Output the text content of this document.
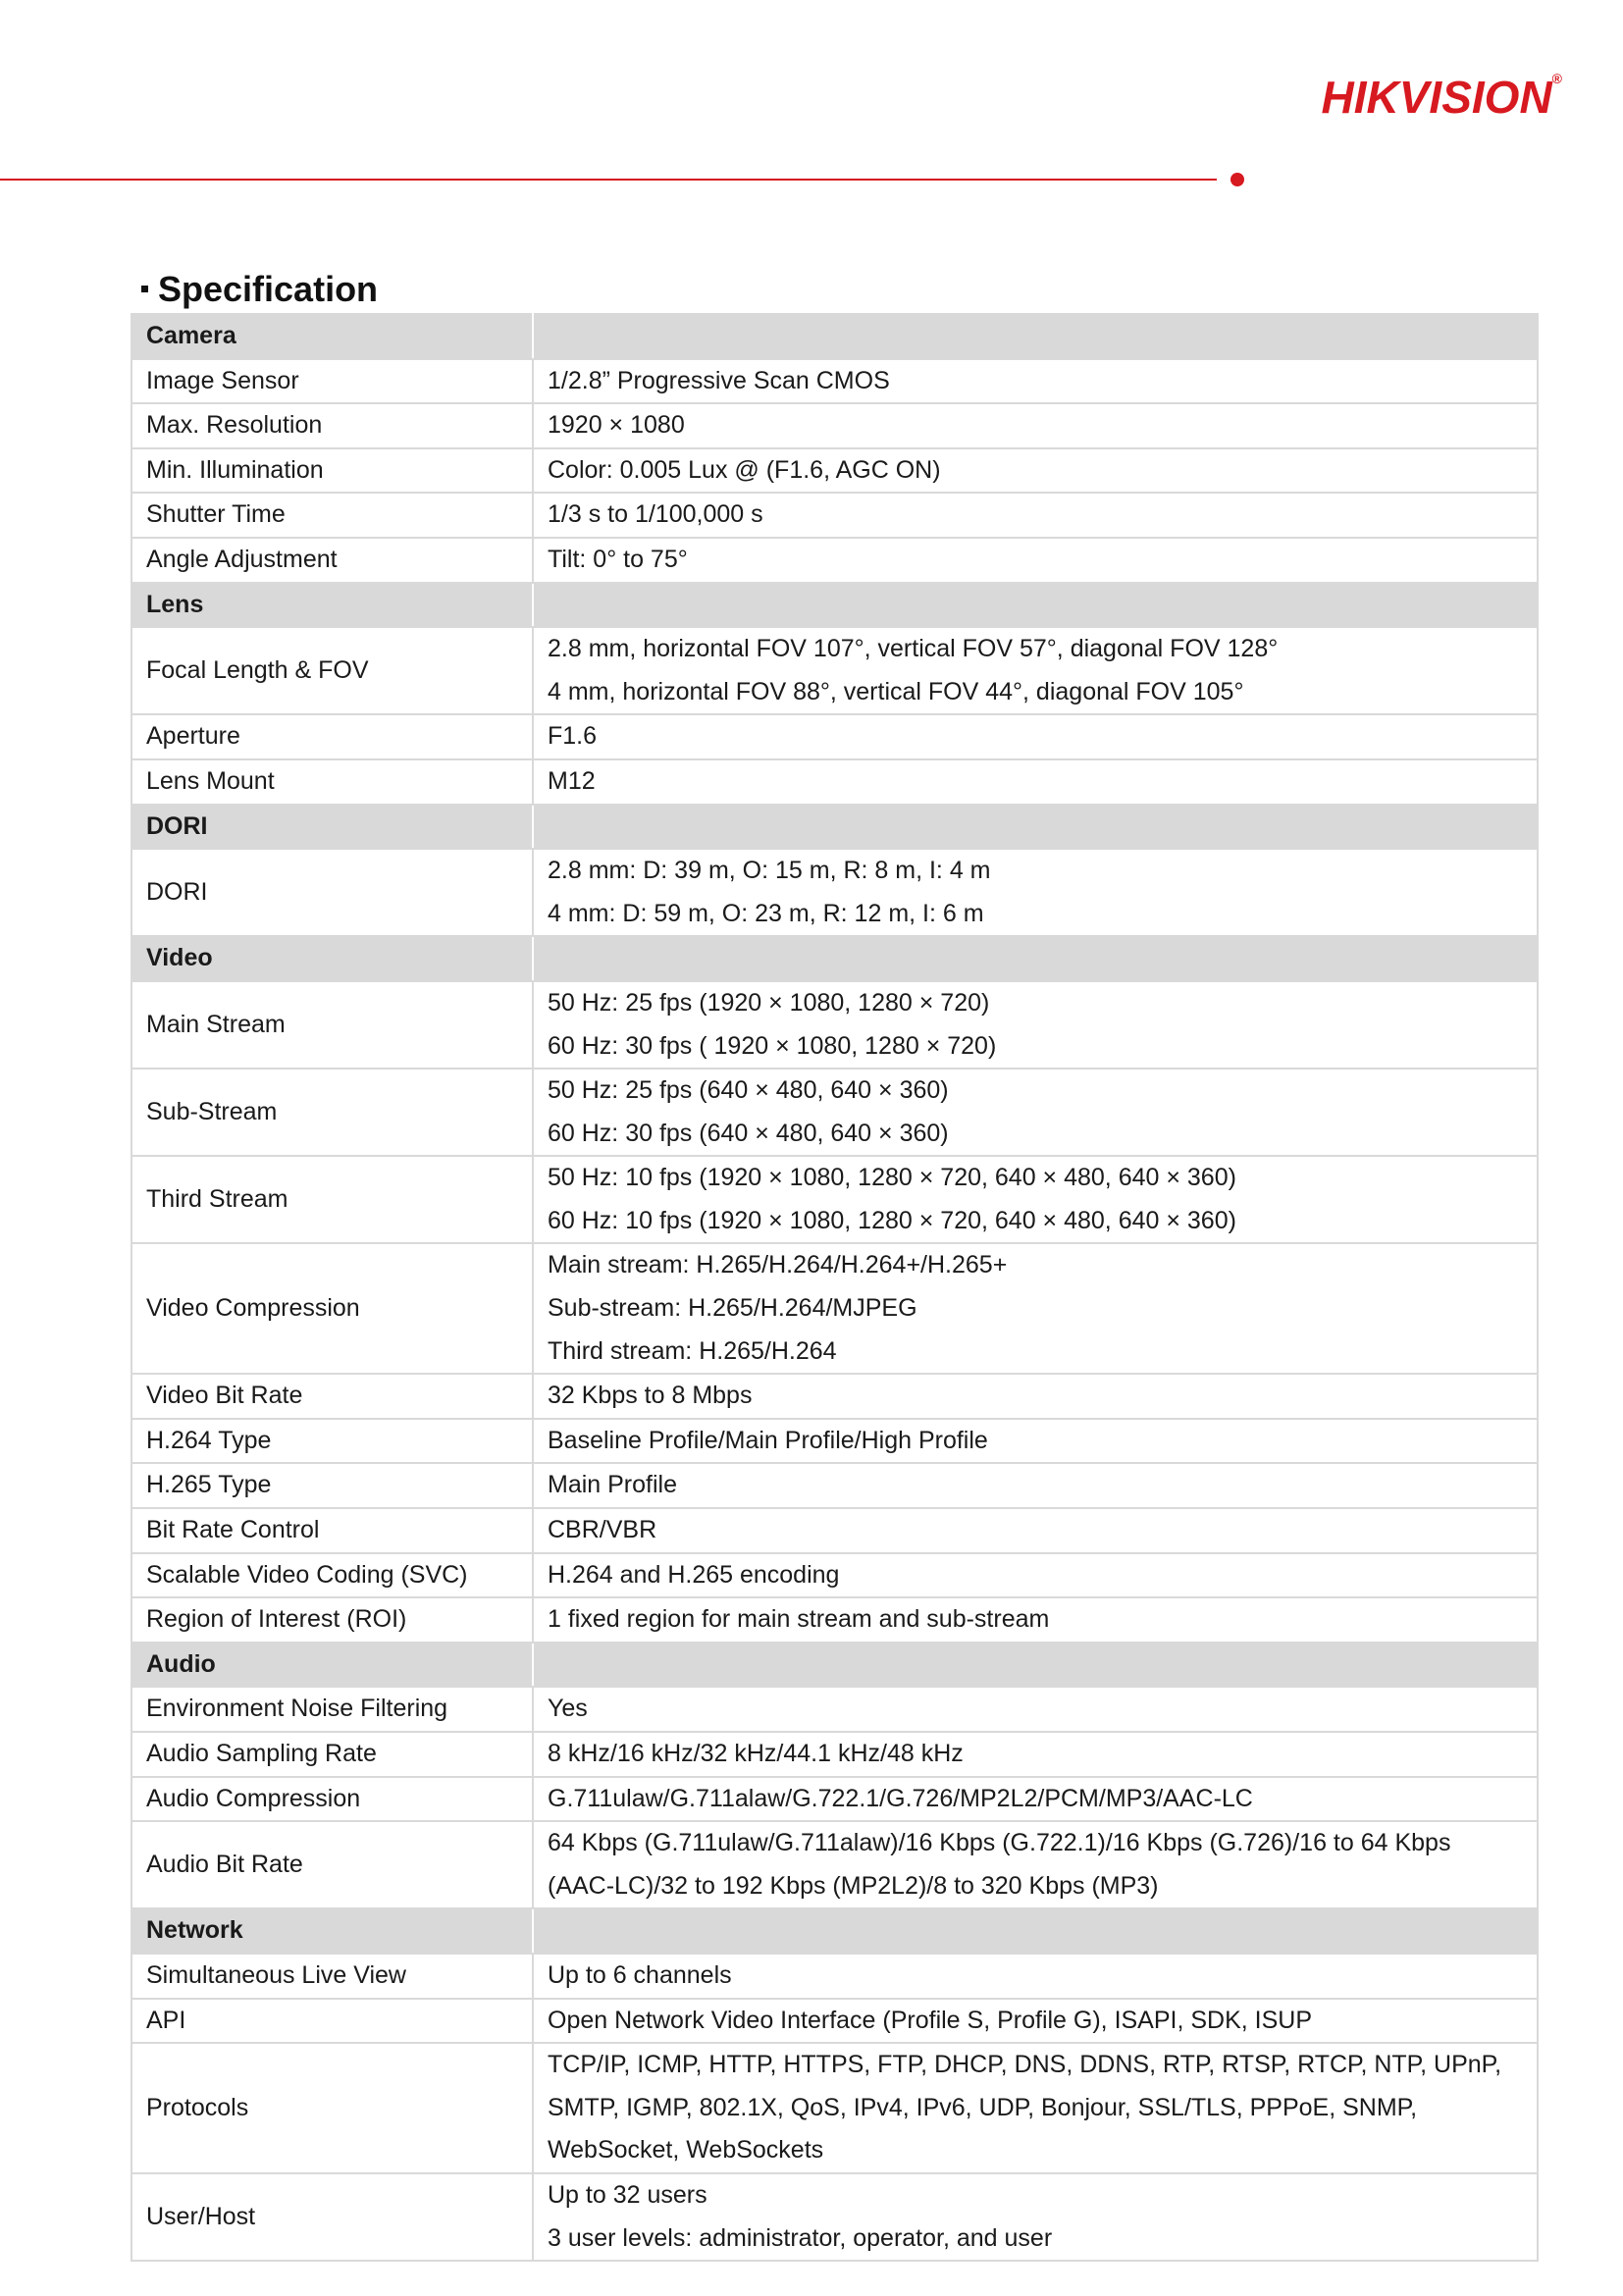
HIKVISION®
Specification
Camera	
Image Sensor	1/2.8” Progressive Scan CMOS

Max. Resolution	1920 × 1080

Min. Illumination	Color: 0.005 Lux @ (F1.6, AGC ON)

Shutter Time	1/3 s to 1/100,000 s

Angle Adjustment	Tilt: 0° to 75°

Lens	
Focal Length & FOV	2.8 mm, horizontal FOV 107°, vertical FOV 57°, diagonal FOV 128°
4 mm, horizontal FOV 88°, vertical FOV 44°, diagonal FOV 105°

Aperture	F1.6

Lens Mount	M12

DORI	
DORI	2.8 mm: D: 39 m, O: 15 m, R: 8 m, I: 4 m
4 mm: D: 59 m, O: 23 m, R: 12 m, I: 6 m

Video	
Main Stream	50 Hz: 25 fps (1920 × 1080, 1280 × 720)
60 Hz: 30 fps ( 1920 × 1080, 1280 × 720)

Sub-Stream	50 Hz: 25 fps (640 × 480, 640 × 360)
60 Hz: 30 fps (640 × 480, 640 × 360)

Third Stream	50 Hz: 10 fps (1920 × 1080, 1280 × 720, 640 × 480, 640 × 360)
60 Hz: 10 fps (1920 × 1080, 1280 × 720, 640 × 480, 640 × 360)

Video Compression	Main stream: H.265/H.264/H.264+/H.265+
Sub-stream: H.265/H.264/MJPEG
Third stream: H.265/H.264

Video Bit Rate	32 Kbps to 8 Mbps

H.264 Type	Baseline Profile/Main Profile/High Profile

H.265 Type	Main Profile

Bit Rate Control	CBR/VBR

Scalable Video Coding (SVC)	H.264 and H.265 encoding

Region of Interest (ROI)	1 fixed region for main stream and sub-stream

Audio	
Environment Noise Filtering	Yes

Audio Sampling Rate	8 kHz/16 kHz/32 kHz/44.1 kHz/48 kHz

Audio Compression	G.711ulaw/G.711alaw/G.722.1/G.726/MP2L2/PCM/MP3/AAC-LC

Audio Bit Rate	64 Kbps (G.711ulaw/G.711alaw)/16 Kbps (G.722.1)/16 Kbps (G.726)/16 to 64 Kbps
(AAC-LC)/32 to 192 Kbps (MP2L2)/8 to 320 Kbps (MP3)

Network	
Simultaneous Live View	Up to 6 channels

API	Open Network Video Interface (Profile S, Profile G), ISAPI, SDK, ISUP

Protocols	TCP/IP, ICMP, HTTP, HTTPS, FTP, DHCP, DNS, DDNS, RTP, RTSP, RTCP, NTP, UPnP,
SMTP, IGMP, 802.1X, QoS, IPv4, IPv6, UDP, Bonjour, SSL/TLS, PPPoE, SNMP,
WebSocket, WebSockets

User/Host	Up to 32 users
3 user levels: administrator, operator, and user
